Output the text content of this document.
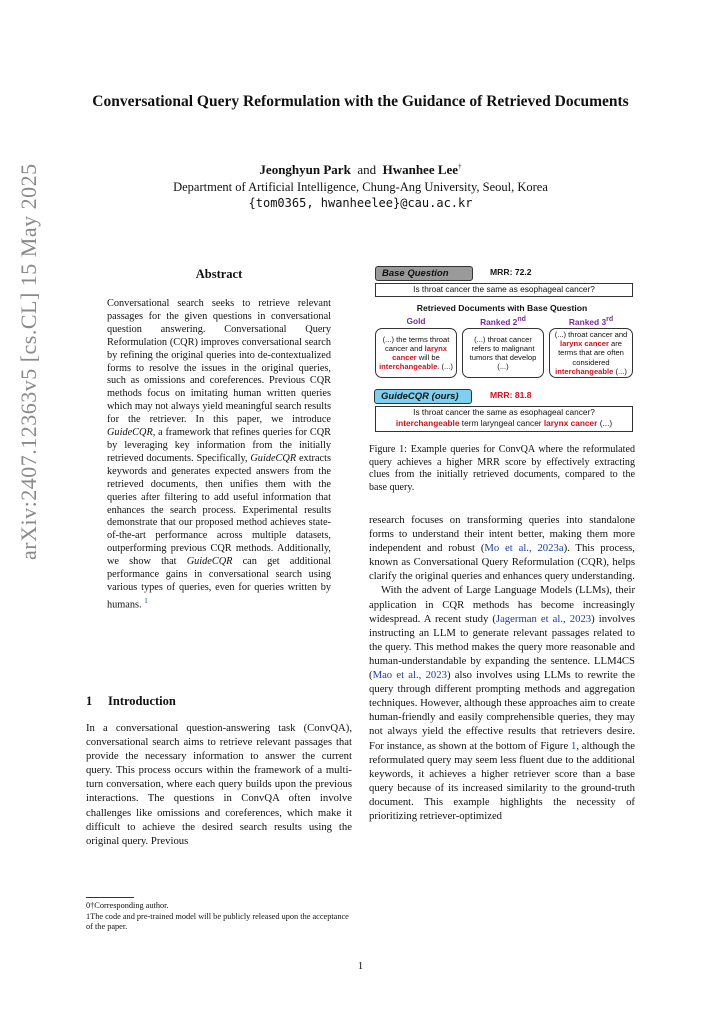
Conversational Query Reformulation with the Guidance of Retrieved Documents
Jeonghyun Park and Hwanhee Lee†
Department of Artificial Intelligence, Chung-Ang University, Seoul, Korea
{tom0365, hwanheelee}@cau.ac.kr
arXiv:2407.12363v5 [cs.CL] 15 May 2025	Abstract
Conversational search seeks to retrieve relevant passages for the given questions in conversational question answering. Conversational Query Reformulation (CQR) improves conversational search by refining the original queries into de-contextualized forms to resolve the issues in the original queries, such as omissions and coreferences. Previous CQR methods focus on imitating human written queries which may not always yield meaningful search results for the retriever. In this paper, we introduce GuideCQR, a framework that refines queries for CQR by leveraging key information from the initially retrieved documents. Specifically, GuideCQR extracts keywords and generates expected answers from the retrieved documents, then unifies them with the queries after filtering to add useful information that enhances the search process. Experimental results demonstrate that our proposed method achieves state-of-the-art performance across multiple datasets, outperforming previous CQR methods. Additionally, we show that GuideCQR can get additional performance gains in conversational search using various types of queries, even for queries written by humans. $^1$
1 Introduction
In a conversational question-answering task (ConvQA), conversational search aims to retrieve relevant passages that provide the necessary information to answer the current query. This process occurs within the framework of a multi-turn conversation, where each query builds upon the previous interactions. The questions in ConvQA often involve challenges like omissions and coreferences, which make it difficult to achieve the desired search results using the original query. Previous
0†Corresponding author.
1The code and pre-trained model will be publicly released upon the acceptance of the paper.
Base Question	MRR: 72.2
Is throat cancer the same as esophageal cancer?
Retrieved Documents with Base Question
Gold	Ranked 2nd	Ranked 3rd
(...) the terms throat cancer and larynx cancer will be interchangeable. (...)
(...) throat cancer refers to malignant tumors that develop (...)
(...) throat cancer and larynx cancer are terms that are often considered interchangeable (...)
GuideCQR (ours)	MRR: 81.8
Is throat cancer the same as esophageal cancer?
interchangeable term laryngeal cancer larynx cancer (...)
Figure 1: Example queries for ConvQA where the reformulated query achieves a higher MRR score by effectively extracting clues from the initially retrieved documents, compared to the base query.

research focuses on transforming queries into standalone forms to understand their intent better, making them more independent and robust (Mo et al., 2023a). This process, known as Conversational Query Reformulation (CQR), helps clarify the original queries and enhances query understanding.

With the advent of Large Language Models (LLMs), their application in CQR methods has become increasingly widespread. A recent study (Jagerman et al., 2023) involves instructing an LLM to generate relevant passages related to the query. This method makes the query more reasonable and human-understandable by expanding the sentence. LLM4CS (Mao et al., 2023) also involves using LLMs to rewrite the query through different prompting methods and aggregation techniques. However, although these approaches aim to create human-friendly and easily comprehensible queries, they may not always yield the effective results that retrievers desire. For instance, as shown at the bottom of Figure 1, although the reformulated query may seem less fluent due to the additional keywords, it achieves a higher retriever score than a base query because of its increased similarity to the ground-truth document. This example highlights the necessity of prioritizing retriever-optimized

1
